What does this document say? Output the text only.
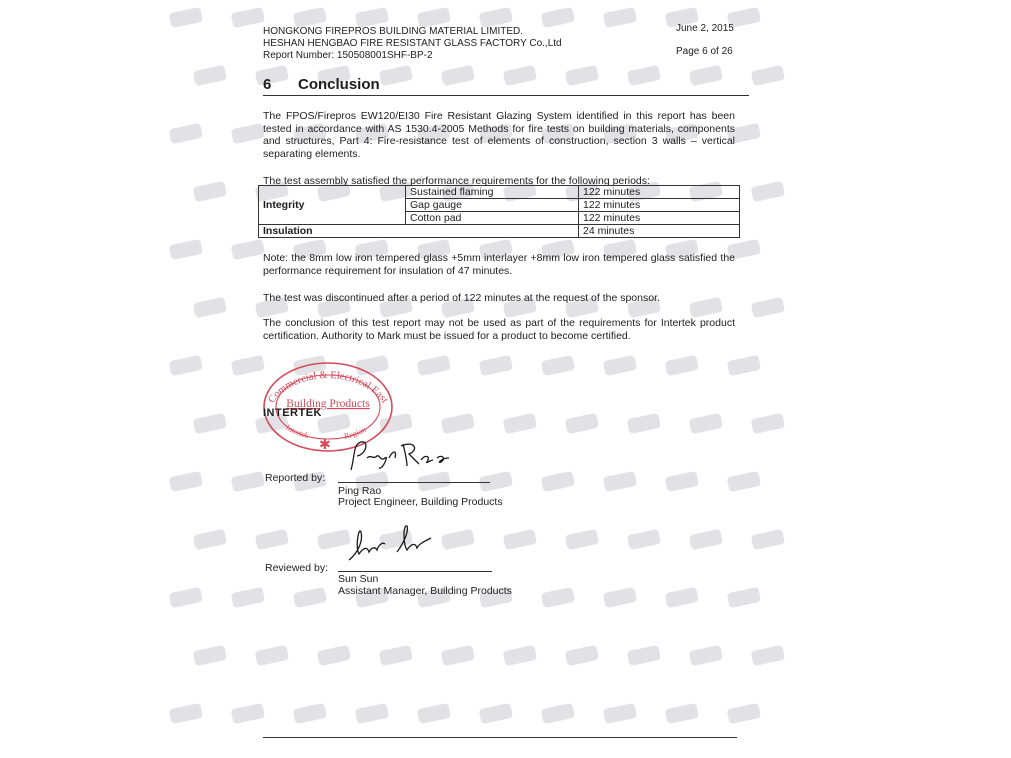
HONGKONG FIREPROS BUILDING MATERIAL LIMITED.
HESHAN HENGBAO FIRE RESISTANT GLASS FACTORY Co.,Ltd
Report Number: 150508001SHF-BP-2
June 2, 2015
Page 6 of 26
6 Conclusion
The FPOS/Firepros EW120/EI30 Fire Resistant Glazing System identified in this report has been tested in accordance with AS 1530.4-2005 Methods for fire tests on building materials, components and structures, Part 4: Fire-resistance test of elements of construction, section 3 walls – vertical separating elements.
The test assembly satisfied the performance requirements for the following periods:
Integrity	Sustained flaming	122 minutes
	Gap gauge	122 minutes
	Cotton pad	122 minutes
Insulation		24 minutes
Note: the 8mm low iron tempered glass +5mm interlayer +8mm low iron tempered glass satisfied the performance requirement for insulation of 47 minutes.
The test was discontinued after a period of 122 minutes at the request of the sponsor.
The conclusion of this test report may not be used as part of the requirements for Intertek product certification. Authority to Mark must be issued for a product to become certified.
Commercial & Electrical East
Building Products
Region
Intertek
✱
INTERTEK
Reported by:
Ping Rao
Project Engineer, Building Products
Reviewed by:
Sun Sun
Assistant Manager, Building Products
